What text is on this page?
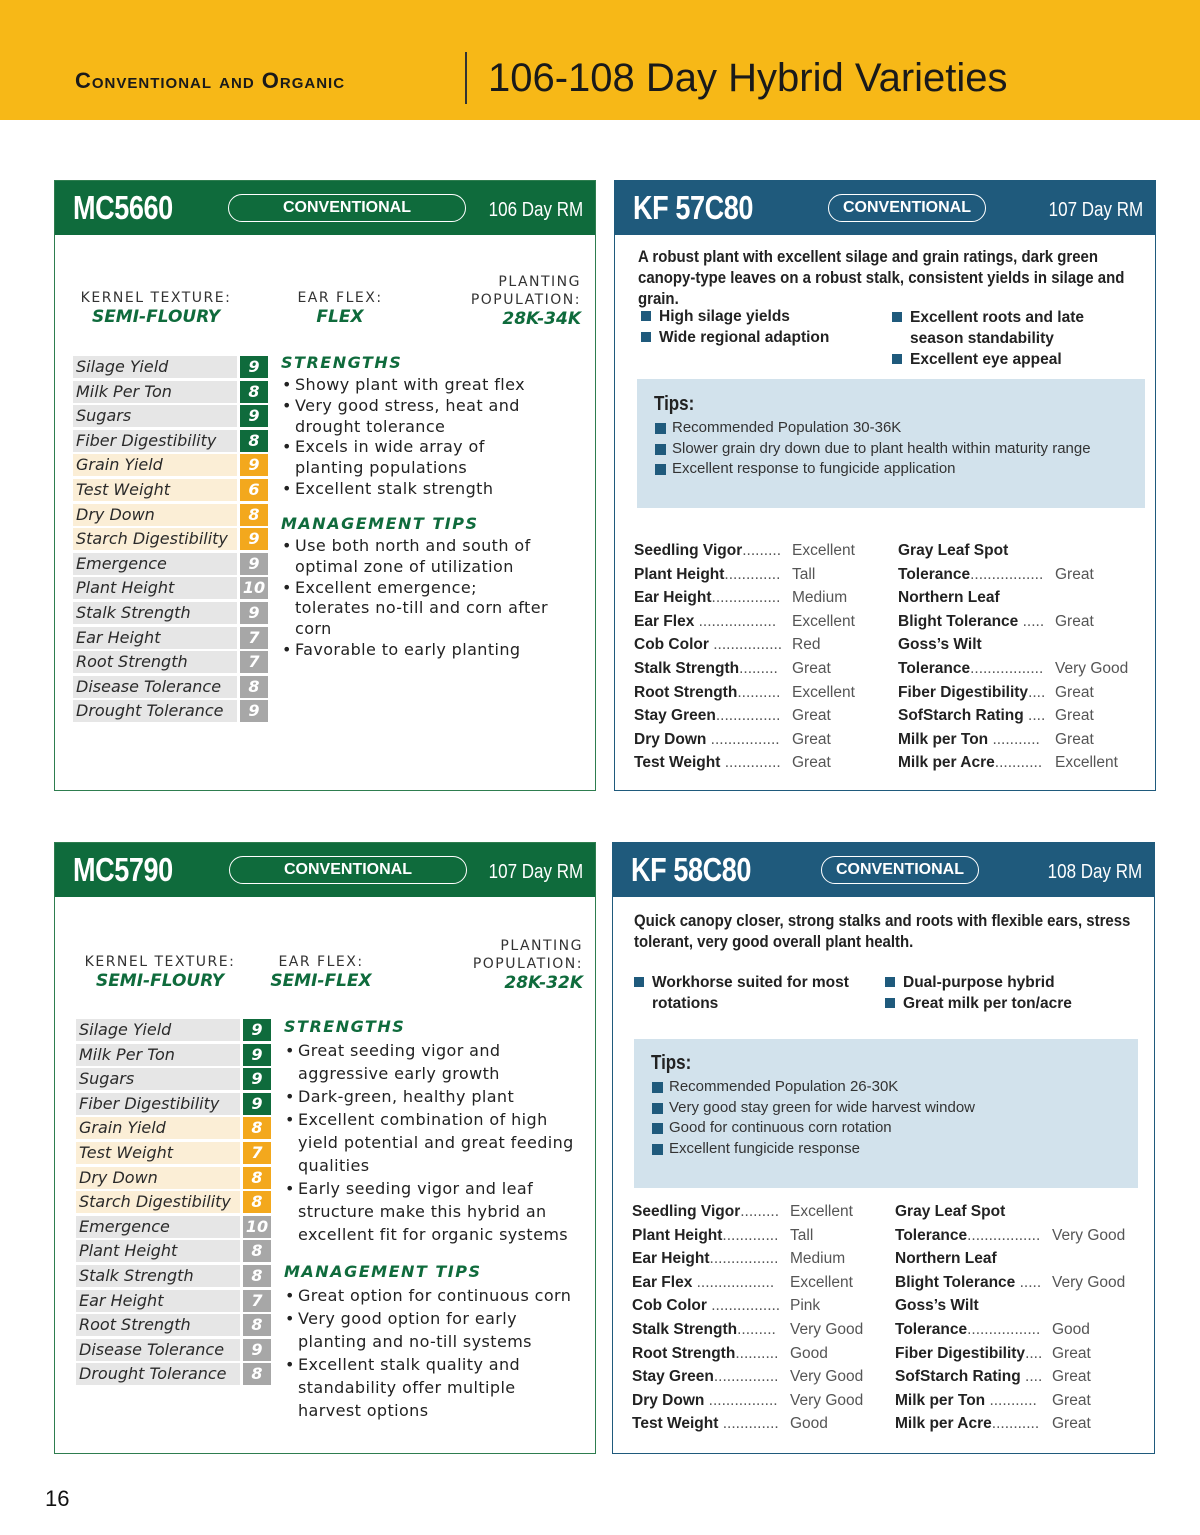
Conventional and Organic	106-108 Day Hybrid Varieties
MC5660	CONVENTIONAL	106 Day RM
KERNEL TEXTURE:
SEMI-FLOURY
EAR FLEX:
FLEX
PLANTING
POPULATION:
28K-34K
Silage Yield	9
Milk Per Ton	8
Sugars	9
Fiber Digestibility	8
Grain Yield	9
Test Weight	6
Dry Down	8
Starch Digestibility	9
Emergence	9
Plant Height	10
Stalk Strength	9
Ear Height	7
Root Strength	7
Disease Tolerance	8
Drought Tolerance	9
STRENGTHS
• Showy plant with great flex
• Very good stress, heat and drought tolerance
• Excels in wide array of planting populations
• Excellent stalk strength
MANAGEMENT TIPS
• Use both north and south of optimal zone of utilization
• Excellent emergence; tolerates no-till and corn after corn
• Favorable to early planting
MC5790	CONVENTIONAL	107 Day RM
KERNEL TEXTURE:
SEMI-FLOURY
EAR FLEX:
SEMI-FLEX
PLANTING
POPULATION:
28K-32K
Silage Yield	9
Milk Per Ton	9
Sugars	9
Fiber Digestibility	9
Grain Yield	8
Test Weight	7
Dry Down	8
Starch Digestibility	8
Emergence	10
Plant Height	8
Stalk Strength	8
Ear Height	7
Root Strength	8
Disease Tolerance	9
Drought Tolerance	8
STRENGTHS
• Great seeding vigor and aggressive early growth
• Dark-green, healthy plant
• Excellent combination of high yield potential and great feeding qualities
• Early seeding vigor and leaf structure make this hybrid an excellent fit for organic systems
MANAGEMENT TIPS
• Great option for continuous corn
• Very good option for early planting and no-till systems
• Excellent stalk quality and standability offer multiple harvest options
KF 57C80	CONVENTIONAL	107 Day RM
A robust plant with excellent silage and grain ratings, dark green
canopy-type leaves on a robust stalk, consistent yields in silage and grain.
High silage yields
Wide regional adaption
Excellent roots and late
season standability
Excellent eye appeal
Tips:
Recommended Population 30-36K
Slower grain dry down due to plant health within maturity range
Excellent response to fungicide application
Seedling Vigor......... Excellent
Plant Height............. Tall
Ear Height................ Medium
Ear Flex .................. Excellent
Cob Color ................ Red
Stalk Strength......... Great
Root Strength.......... Excellent
Stay Green............... Great
Dry Down ................ Great
Test Weight ............. Great
Gray Leaf Spot
Tolerance................. Great
Northern Leaf
Blight Tolerance ..... Great
Goss’s Wilt
Tolerance................. Very Good
Fiber Digestibility.... Great
SofStarch Rating .... Great
Milk per Ton ........... Great
Milk per Acre........... Excellent
KF 58C80	CONVENTIONAL	108 Day RM
Quick canopy closer, strong stalks and roots with flexible ears, stress
tolerant, very good overall plant health.
Workhorse suited for most
rotations
Dual-purpose hybrid
Great milk per ton/acre
Tips:
Recommended Population 26-30K
Very good stay green for wide harvest window
Good for continuous corn rotation
Excellent fungicide response
Seedling Vigor......... Excellent
Plant Height............. Tall
Ear Height................ Medium
Ear Flex .................. Excellent
Cob Color ................ Pink
Stalk Strength......... Very Good
Root Strength.......... Good
Stay Green............... Very Good
Dry Down ................ Very Good
Test Weight ............. Good
Gray Leaf Spot
Tolerance................. Very Good
Northern Leaf
Blight Tolerance ..... Very Good
Goss’s Wilt
Tolerance................. Good
Fiber Digestibility.... Great
SofStarch Rating .... Great
Milk per Ton ........... Great
Milk per Acre........... Great
16
